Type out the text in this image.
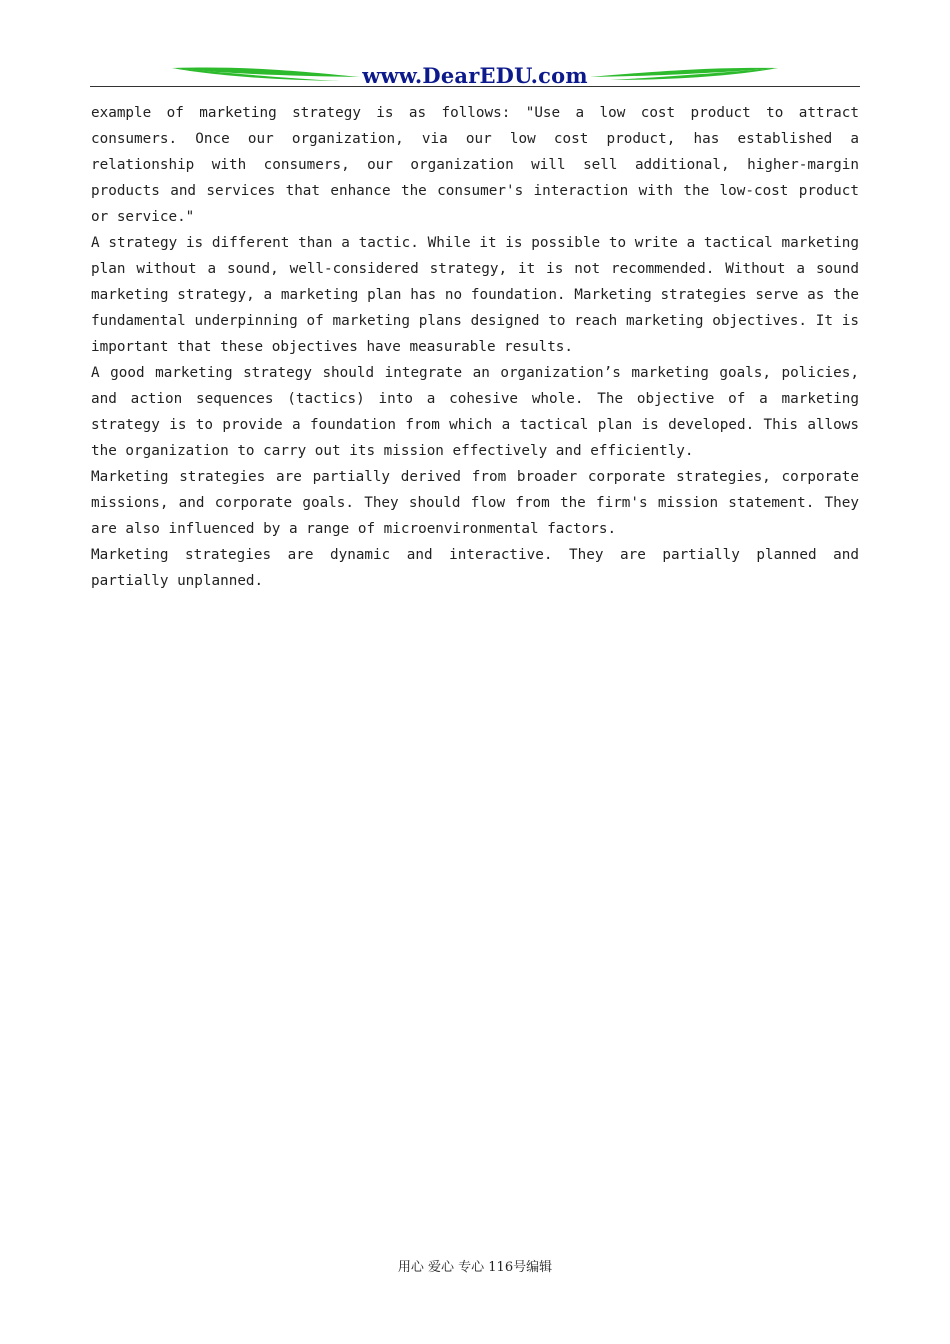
www.DearEDU.com

example of marketing strategy is as follows: "Use a low cost product to attract consumers. Once our organization, via our low cost product, has established a relationship with consumers, our organization will sell additional, higher-margin products and services that enhance the consumer's interaction with the low-cost product or service."

A strategy is different than a tactic. While it is possible to write a tactical marketing plan without a sound, well-considered strategy, it is not recommended. Without a sound marketing strategy, a marketing plan has no foundation. Marketing strategies serve as the fundamental underpinning of marketing plans designed to reach marketing objectives. It is important that these objectives have measurable results.

A good marketing strategy should integrate an organization’s marketing goals, policies, and action sequences (tactics) into a cohesive whole. The objective of a marketing strategy is to provide a foundation from which a tactical plan is developed. This allows the organization to carry out its mission effectively and efficiently.

Marketing strategies are partially derived from broader corporate strategies, corporate missions, and corporate goals. They should flow from the firm's mission statement. They are also influenced by a range of microenvironmental factors.

Marketing strategies are dynamic and interactive. They are partially planned and partially unplanned.

用心 爱心 专心 116号编辑
